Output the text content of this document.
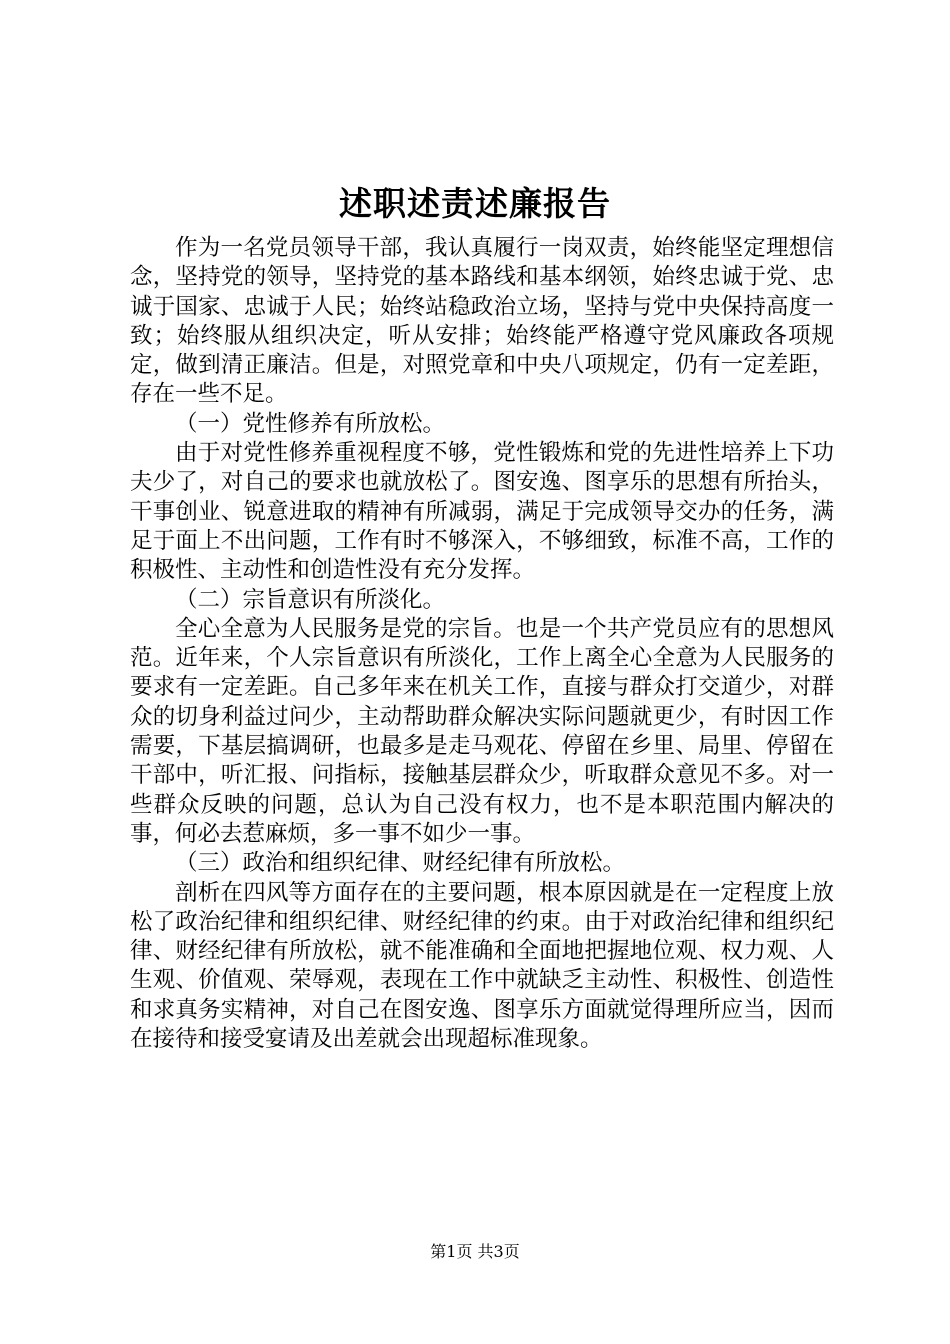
述职述责述廉报告

作为一名党员领导干部，我认真履行一岗双责，始终能坚定理想信念，坚持党的领导，坚持党的基本路线和基本纲领，始终忠诚于党、忠诚于国家、忠诚于人民；始终站稳政治立场，坚持与党中央保持高度一致；始终服从组织决定，听从安排；始终能严格遵守党风廉政各项规定，做到清正廉洁。但是，对照党章和中央八项规定，仍有一定差距，存在一些不足。

（一）党性修养有所放松。

由于对党性修养重视程度不够，党性锻炼和党的先进性培养上下功夫少了，对自己的要求也就放松了。图安逸、图享乐的思想有所抬头，干事创业、锐意进取的精神有所减弱，满足于完成领导交办的任务，满足于面上不出问题，工作有时不够深入，不够细致，标准不高，工作的积极性、主动性和创造性没有充分发挥。

（二）宗旨意识有所淡化。

全心全意为人民服务是党的宗旨。也是一个共产党员应有的思想风范。近年来，个人宗旨意识有所淡化，工作上离全心全意为人民服务的要求有一定差距。自己多年来在机关工作，直接与群众打交道少，对群众的切身利益过问少，主动帮助群众解决实际问题就更少，有时因工作需要，下基层搞调研，也最多是走马观花、停留在乡里、局里、停留在干部中，听汇报、问指标，接触基层群众少，听取群众意见不多。对一些群众反映的问题，总认为自己没有权力，也不是本职范围内解决的事，何必去惹麻烦，多一事不如少一事。

（三）政治和组织纪律、财经纪律有所放松。

剖析在四风等方面存在的主要问题，根本原因就是在一定程度上放松了政治纪律和组织纪律、财经纪律的约束。由于对政治纪律和组织纪律、财经纪律有所放松，就不能准确和全面地把握地位观、权力观、人生观、价值观、荣辱观，表现在工作中就缺乏主动性、积极性、创造性和求真务实精神，对自己在图安逸、图享乐方面就觉得理所应当，因而在接待和接受宴请及出差就会出现超标准现象。

第1页 共3页
